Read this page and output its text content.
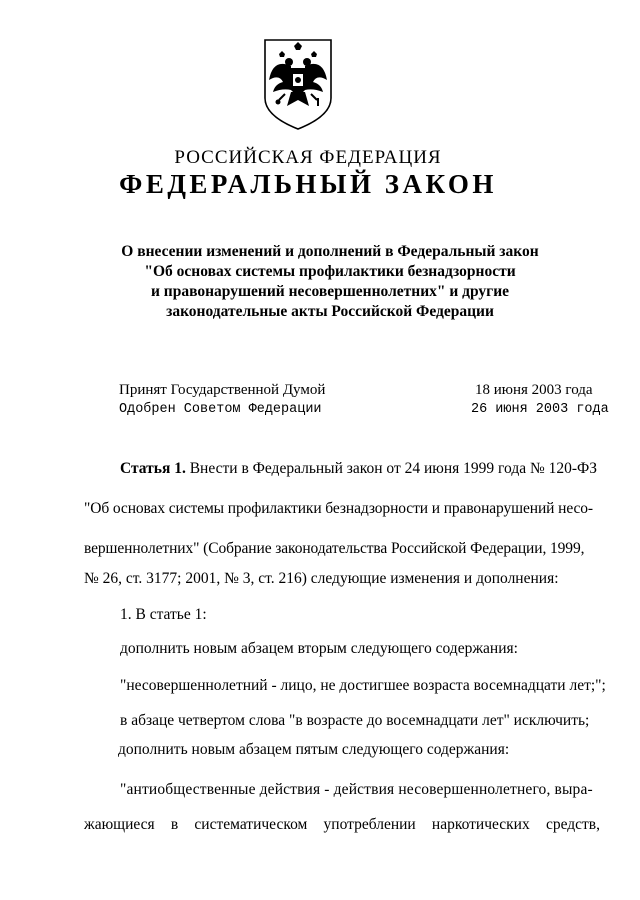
РОССИЙСКАЯ ФЕДЕРАЦИЯ
ФЕДЕРАЛЬНЫЙ ЗАКОН
О внесении изменений и дополнений в Федеральный закон
"Об основах системы профилактики безнадзорности
и правонарушений несовершеннолетних" и другие
законодательные акты Российской Федерации
Принят Государственной Думой	18 июня 2003 года
Одобрен Советом Федерации	26 июня 2003 года
Статья 1. Внести в Федеральный закон от 24 июня 1999 года № 120-ФЗ
"Об основах системы профилактики безнадзорности и правонарушений несо-
вершеннолетних" (Собрание законодательства Российской Федерации, 1999,
№ 26, ст. 3177; 2001, № 3, ст. 216) следующие изменения и дополнения:
1. В статье 1:
дополнить новым абзацем вторым следующего содержания:
"несовершеннолетний - лицо, не достигшее возраста восемнадцати лет;";
в абзаце четвертом слова "в возрасте до восемнадцати лет" исключить;
дополнить новым абзацем пятым следующего содержания:
"антиобщественные действия - действия несовершеннолетнего, выра-
жающиеся в систематическом употреблении наркотических средств,
